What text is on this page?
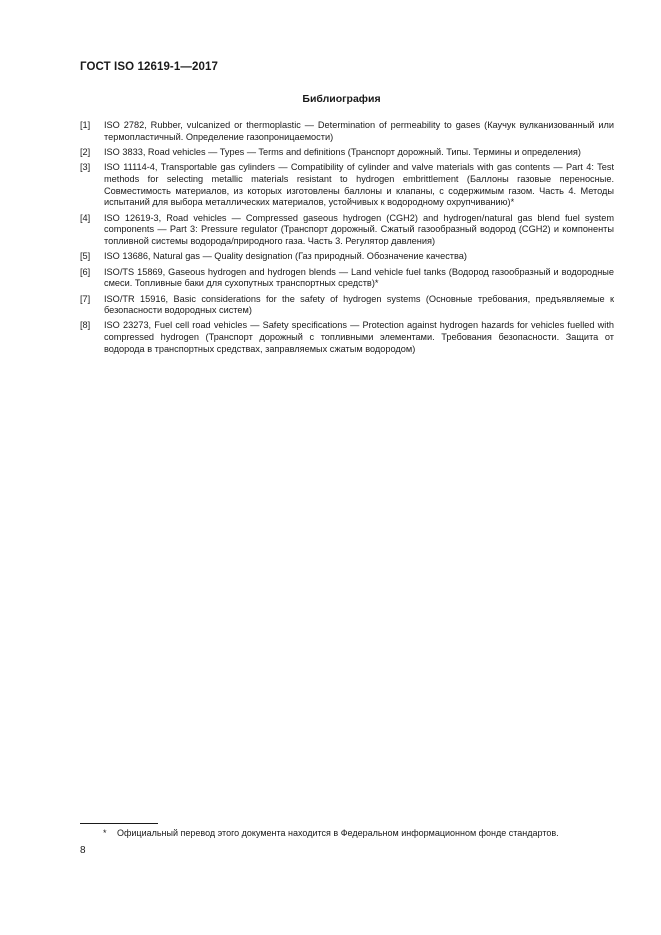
ГОСТ ISO 12619-1—2017
Библиография
[1]	ISO 2782, Rubber, vulcanized or thermoplastic — Determination of permeability to gases (Каучук вулканизованный или термопластичный. Определение газопроницаемости)
[2]	ISO 3833, Road vehicles — Types — Terms and definitions (Транспорт дорожный. Типы. Термины и определения)
[3]	ISO 11114-4, Transportable gas cylinders — Compatibility of cylinder and valve materials with gas contents — Part 4: Test methods for selecting metallic materials resistant to hydrogen embrittlement (Баллоны газовые переносные. Совместимость материалов, из которых изготовлены баллоны и клапаны, с содержимым газом. Часть 4. Методы испытаний для выбора металлических материалов, устойчивых к водородному охрупчиванию)*
[4]	ISO 12619-3, Road vehicles — Compressed gaseous hydrogen (CGH2) and hydrogen/natural gas blend fuel system components — Part 3: Pressure regulator (Транспорт дорожный. Сжатый газообразный водород (CGH2) и компоненты топливной системы водорода/природного газа. Часть 3. Регулятор давления)
[5]	ISO 13686, Natural gas — Quality designation (Газ природный. Обозначение качества)
[6]	ISO/TS 15869, Gaseous hydrogen and hydrogen blends — Land vehicle fuel tanks (Водород газообразный и водородные смеси. Топливные баки для сухопутных транспортных средств)*
[7]	ISO/TR 15916, Basic considerations for the safety of hydrogen systems (Основные требования, предъявляемые к безопасности водородных систем)
[8]	ISO 23273, Fuel cell road vehicles — Safety specifications — Protection against hydrogen hazards for vehicles fuelled with compressed hydrogen (Транспорт дорожный с топливными элементами. Требования безопасности. Защита от водорода в транспортных средствах, заправляемых сжатым водородом)
* Официальный перевод этого документа находится в Федеральном информационном фонде стандартов.
8
